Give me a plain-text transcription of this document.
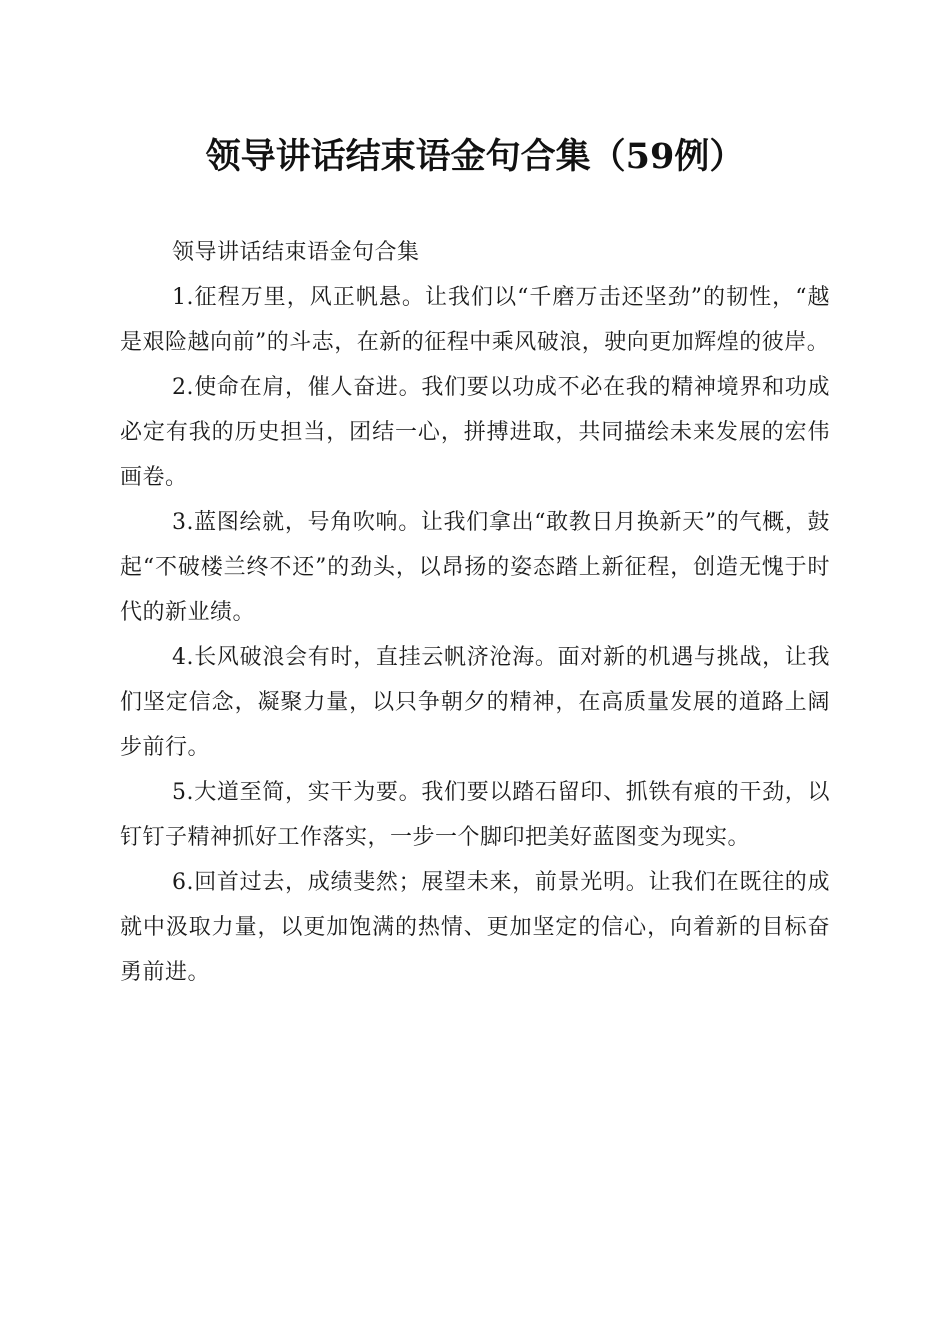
领导讲话结束语金句合集（59例）

领导讲话结束语金句合集

1.征程万里，风正帆悬。让我们以“千磨万击还坚劲”的韧性，“越是艰险越向前”的斗志，在新的征程中乘风破浪，驶向更加辉煌的彼岸。

2.使命在肩，催人奋进。我们要以功成不必在我的精神境界和功成必定有我的历史担当，团结一心，拼搏进取，共同描绘未来发展的宏伟画卷。

3.蓝图绘就，号角吹响。让我们拿出“敢教日月换新天”的气概，鼓起“不破楼兰终不还”的劲头，以昂扬的姿态踏上新征程，创造无愧于时代的新业绩。

4.长风破浪会有时，直挂云帆济沧海。面对新的机遇与挑战，让我们坚定信念，凝聚力量，以只争朝夕的精神，在高质量发展的道路上阔步前行。

5.大道至简，实干为要。我们要以踏石留印、抓铁有痕的干劲，以钉钉子精神抓好工作落实，一步一个脚印把美好蓝图变为现实。

6.回首过去，成绩斐然；展望未来，前景光明。让我们在既往的成就中汲取力量，以更加饱满的热情、更加坚定的信心，向着新的目标奋勇前进。
